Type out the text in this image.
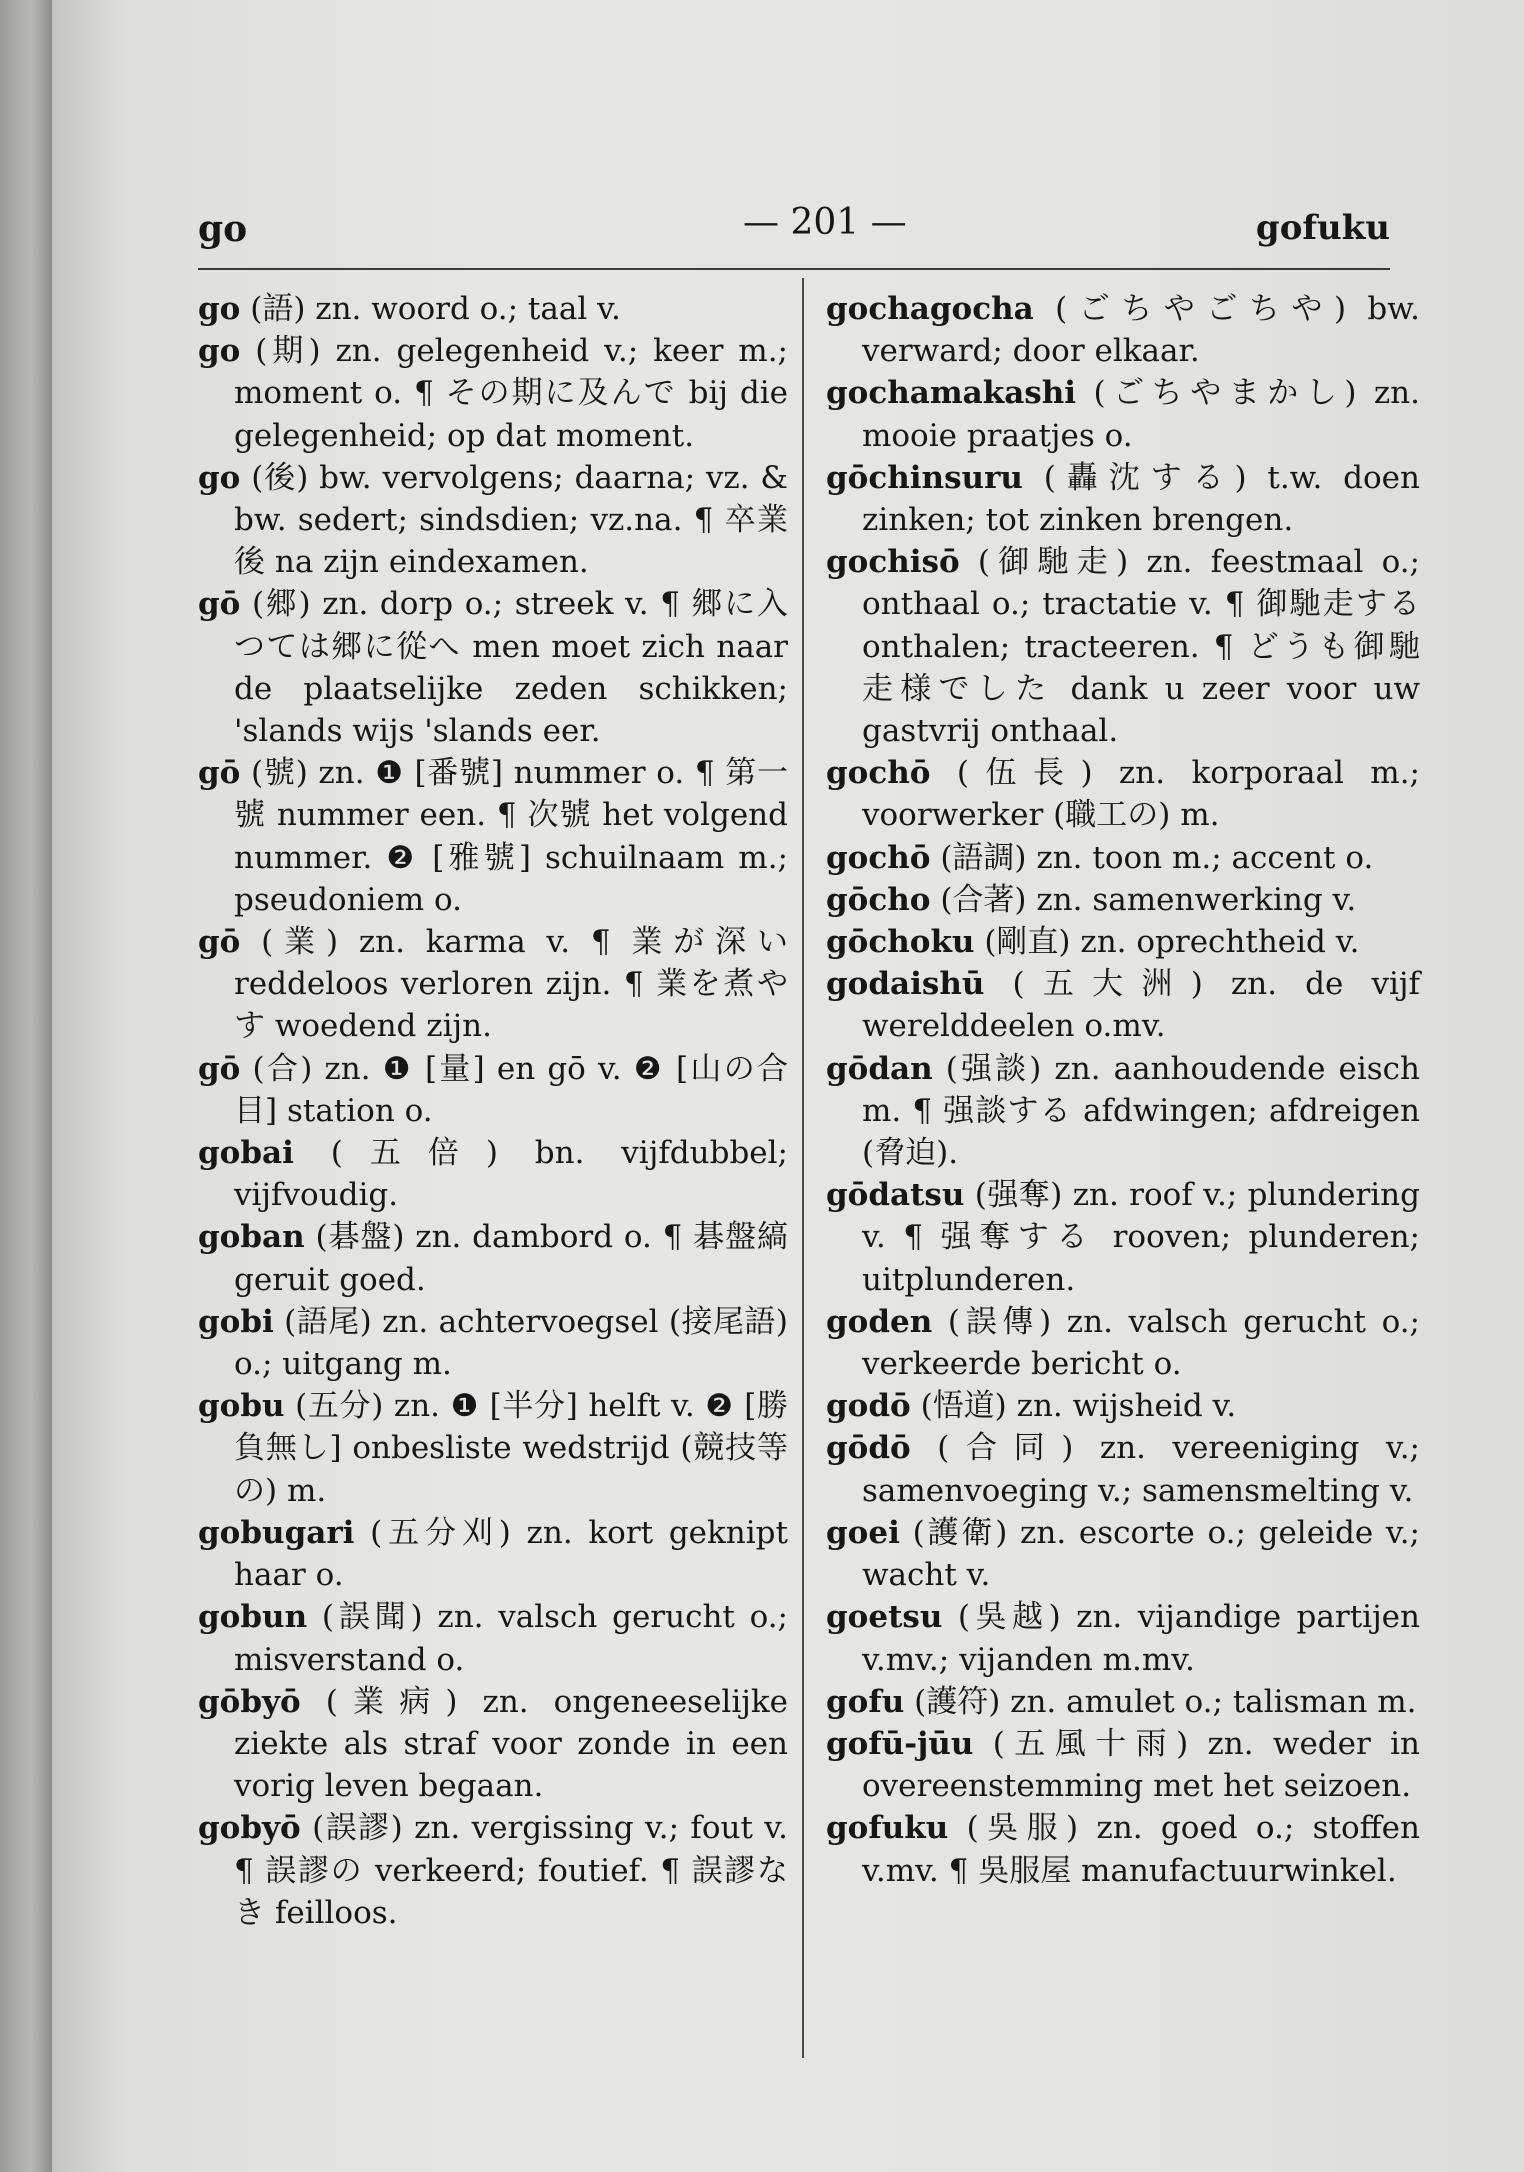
go	— 201 —	gofuku

go (語) zn. woord o.; taal v.

go (期) zn. gelegenheid v.; keer m.; moment o. ¶ その期に及んで bij die gelegenheid; op dat moment.

go (後) bw. vervolgens; daarna; vz. & bw. sedert; sindsdien; vz.na. ¶ 卒業後 na zijn eindexamen.

gō (郷) zn. dorp o.; streek v. ¶ 郷に入つては郷に從へ men moet zich naar de plaatselijke zeden schikken; 'slands wijs 'slands eer.

gō (號) zn. ❶ [番號] nummer o. ¶ 第一號 nummer een. ¶ 次號 het volgend nummer. ❷ [雅號] schuilnaam m.; pseudoniem o.

gō (業) zn. karma v. ¶ 業が深い reddeloos verloren zijn. ¶ 業を煮やす woedend zijn.

gō (合) zn. ❶ [量] en gō v. ❷ [山の合目] station o.

gobai (五倍) bn. vijfdubbel; vijfvoudig.

goban (碁盤) zn. dambord o. ¶ 碁盤縞 geruit goed.

gobi (語尾) zn. achtervoegsel (接尾語) o.; uitgang m.

gobu (五分) zn. ❶ [半分] helft v. ❷ [勝負無し] onbesliste wedstrijd (競技等の) m.

gobugari (五分刈) zn. kort geknipt haar o.

gobun (誤聞) zn. valsch gerucht o.; misverstand o.

gōbyō (業病) zn. ongeneeselijke ziekte als straf voor zonde in een vorig leven begaan.

gobyō (誤謬) zn. vergissing v.; fout v. ¶ 誤謬の verkeerd; foutief. ¶ 誤謬なき feilloos.

gochagocha (ごちやごちや) bw. verward; door elkaar.

gochamakashi (ごちやまかし) zn. mooie praatjes o.

gōchinsuru (轟沈する) t.w. doen zinken; tot zinken brengen.

gochisō (御馳走) zn. feestmaal o.; onthaal o.; tractatie v. ¶ 御馳走する onthalen; tracteeren. ¶ どうも御馳走様でした dank u zeer voor uw gastvrij onthaal.

gochō (伍長) zn. korporaal m.; voorwerker (職工の) m.

gochō (語調) zn. toon m.; accent o.

gōcho (合著) zn. samenwerking v.

gōchoku (剛直) zn. oprechtheid v.

godaishū (五大洲) zn. de vijf werelddeelen o.mv.

gōdan (强談) zn. aanhoudende eisch m. ¶ 强談する afdwingen; afdreigen (脅迫).

gōdatsu (强奪) zn. roof v.; plundering v. ¶ 强奪する rooven; plunderen; uitplunderen.

goden (誤傳) zn. valsch gerucht o.; verkeerde bericht o.

godō (悟道) zn. wijsheid v.

gōdō (合同) zn. vereeniging v.; samenvoeging v.; samensmelting v.

goei (護衛) zn. escorte o.; geleide v.; wacht v.

goetsu (吳越) zn. vijandige partijen v.mv.; vijanden m.mv.

gofu (護符) zn. amulet o.; talisman m.

gofū-jūu (五風十雨) zn. weder in overeenstemming met het seizoen.

gofuku (吳服) zn. goed o.; stoffen v.mv. ¶ 吳服屋 manufactuurwinkel.
